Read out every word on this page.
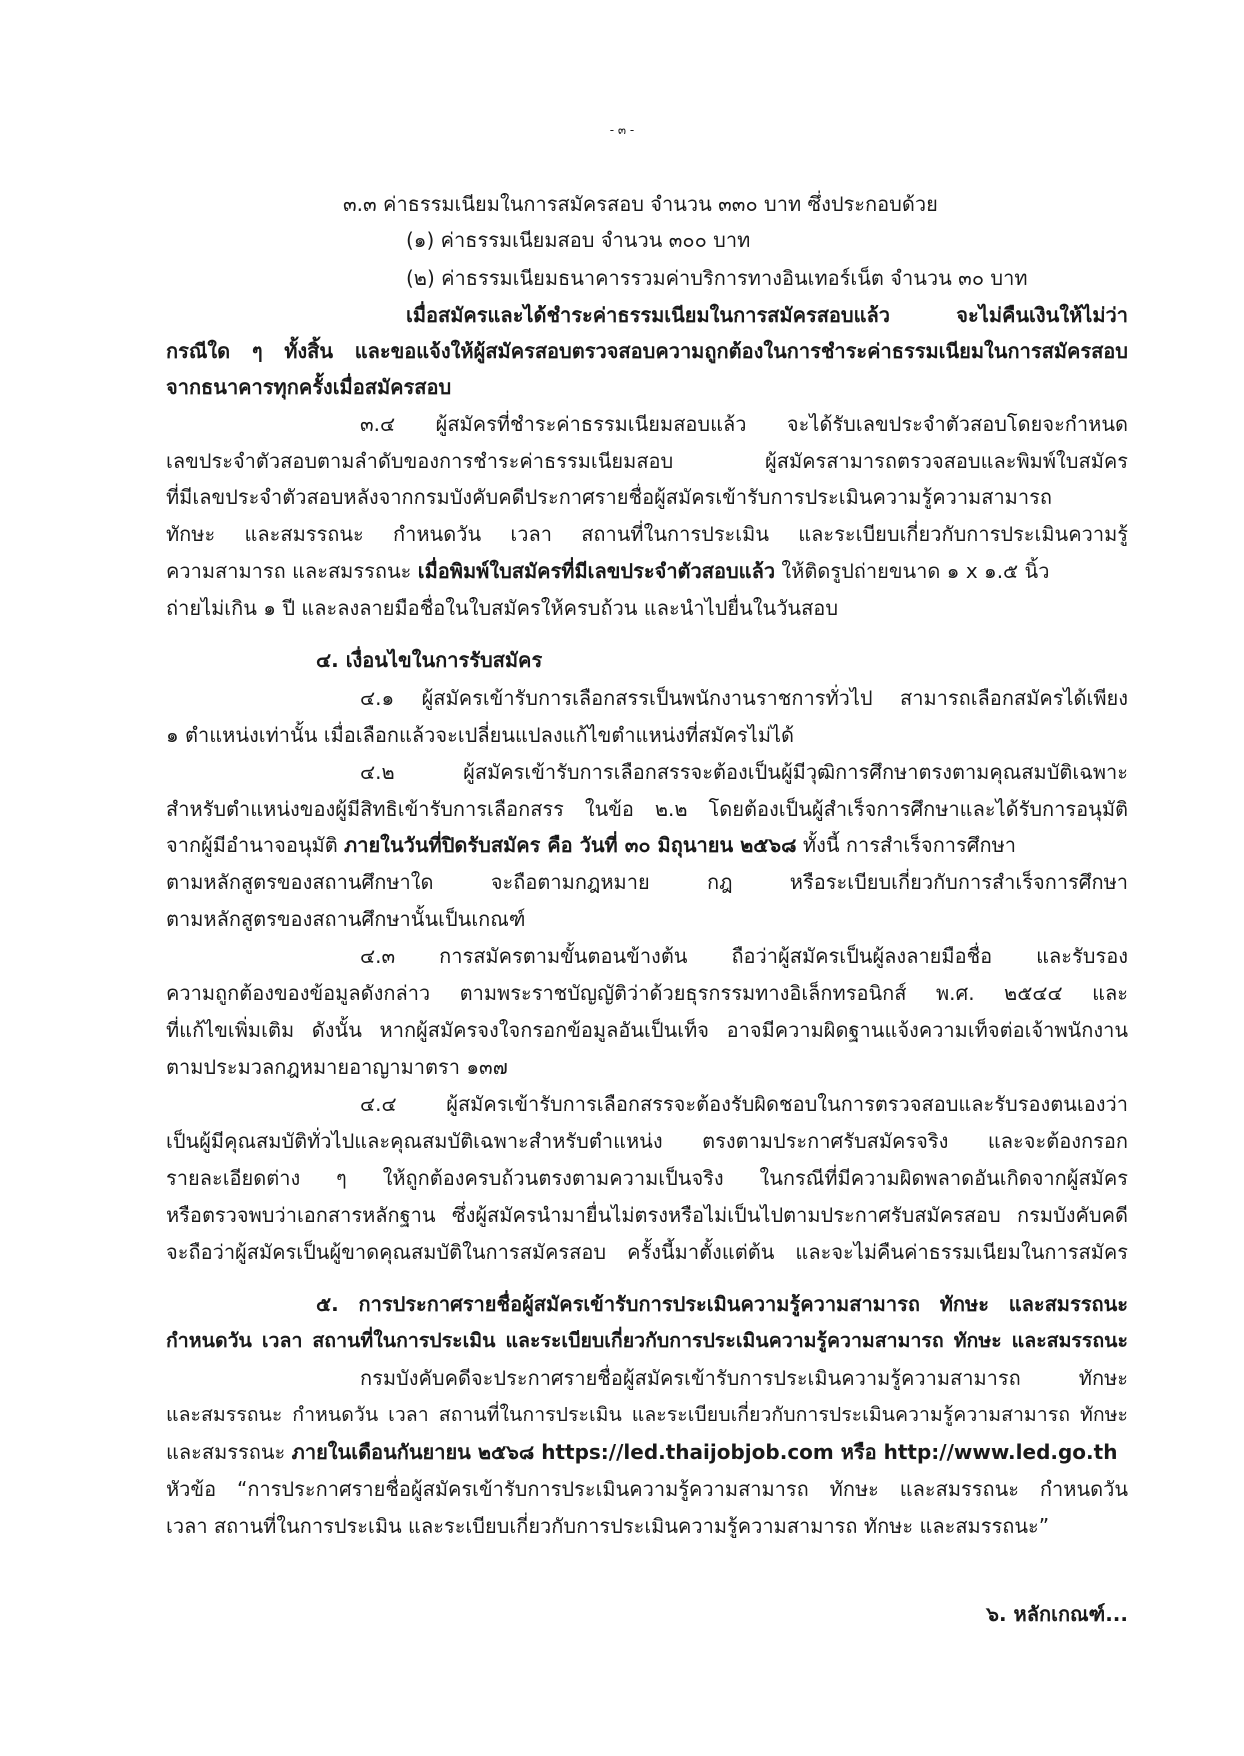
- ๓ -
๓.๓ ค่าธรรมเนียมในการสมัครสอบ จำนวน ๓๓๐ บาท ซึ่งประกอบด้วย
(๑) ค่าธรรมเนียมสอบ จำนวน ๓๐๐ บาท
(๒) ค่าธรรมเนียมธนาคารรวมค่าบริการทางอินเทอร์เน็ต จำนวน ๓๐ บาท
เมื่อสมัครและได้ชำระค่าธรรมเนียมในการสมัครสอบแล้ว จะไม่คืนเงินให้ไม่ว่า
กรณีใด ๆ ทั้งสิ้น และขอแจ้งให้ผู้สมัครสอบตรวจสอบความถูกต้องในการชำระค่าธรรมเนียมในการสมัครสอบ
จากธนาคารทุกครั้งเมื่อสมัครสอบ
๓.๔ ผู้สมัครที่ชำระค่าธรรมเนียมสอบแล้ว จะได้รับเลขประจำตัวสอบโดยจะกำหนด
เลขประจำตัวสอบตามลำดับของการชำระค่าธรรมเนียมสอบ ผู้สมัครสามารถตรวจสอบและพิมพ์ใบสมัคร
ที่มีเลขประจำตัวสอบหลังจากกรมบังคับคดีประกาศรายชื่อผู้สมัครเข้ารับการประเมินความรู้ความสามารถ
ทักษะ และสมรรถนะ กำหนดวัน เวลา สถานที่ในการประเมิน และระเบียบเกี่ยวกับการประเมินความรู้
ความสามารถ และสมรรถนะ เมื่อพิมพ์ใบสมัครที่มีเลขประจำตัวสอบแล้ว ให้ติดรูปถ่ายขนาด ๑ x ๑.๕ นิ้ว
ถ่ายไม่เกิน ๑ ปี และลงลายมือชื่อในใบสมัครให้ครบถ้วน และนำไปยื่นในวันสอบ
๔. เงื่อนไขในการรับสมัคร
๔.๑ ผู้สมัครเข้ารับการเลือกสรรเป็นพนักงานราชการทั่วไป สามารถเลือกสมัครได้เพียง
๑ ตำแหน่งเท่านั้น เมื่อเลือกแล้วจะเปลี่ยนแปลงแก้ไขตำแหน่งที่สมัครไม่ได้
๔.๒ ผู้สมัครเข้ารับการเลือกสรรจะต้องเป็นผู้มีวุฒิการศึกษาตรงตามคุณสมบัติเฉพาะ
สำหรับตำแหน่งของผู้มีสิทธิเข้ารับการเลือกสรร ในข้อ ๒.๒ โดยต้องเป็นผู้สำเร็จการศึกษาและได้รับการอนุมัติ
จากผู้มีอำนาจอนุมัติ ภายในวันที่ปิดรับสมัคร คือ วันที่ ๓๐ มิถุนายน ๒๕๖๘ ทั้งนี้ การสำเร็จการศึกษา
ตามหลักสูตรของสถานศึกษาใด จะถือตามกฎหมาย กฎ หรือระเบียบเกี่ยวกับการสำเร็จการศึกษา
ตามหลักสูตรของสถานศึกษานั้นเป็นเกณฑ์
๔.๓ การสมัครตามขั้นตอนข้างต้น ถือว่าผู้สมัครเป็นผู้ลงลายมือชื่อ และรับรอง
ความถูกต้องของข้อมูลดังกล่าว ตามพระราชบัญญัติว่าด้วยธุรกรรมทางอิเล็กทรอนิกส์ พ.ศ. ๒๕๔๔ และ
ที่แก้ไขเพิ่มเติม ดังนั้น หากผู้สมัครจงใจกรอกข้อมูลอันเป็นเท็จ อาจมีความผิดฐานแจ้งความเท็จต่อเจ้าพนักงาน
ตามประมวลกฎหมายอาญามาตรา ๑๓๗
๔.๔ ผู้สมัครเข้ารับการเลือกสรรจะต้องรับผิดชอบในการตรวจสอบและรับรองตนเองว่า
เป็นผู้มีคุณสมบัติทั่วไปและคุณสมบัติเฉพาะสำหรับตำแหน่ง ตรงตามประกาศรับสมัครจริง และจะต้องกรอก
รายละเอียดต่าง ๆ ให้ถูกต้องครบถ้วนตรงตามความเป็นจริง ในกรณีที่มีความผิดพลาดอันเกิดจากผู้สมัคร
หรือตรวจพบว่าเอกสารหลักฐาน ซึ่งผู้สมัครนำมายื่นไม่ตรงหรือไม่เป็นไปตามประกาศรับสมัครสอบ กรมบังคับคดี
จะถือว่าผู้สมัครเป็นผู้ขาดคุณสมบัติในการสมัครสอบ ครั้งนี้มาตั้งแต่ต้น และจะไม่คืนค่าธรรมเนียมในการสมัคร
๕. การประกาศรายชื่อผู้สมัครเข้ารับการประเมินความรู้ความสามารถ ทักษะ และสมรรถนะ
กำหนดวัน เวลา สถานที่ในการประเมิน และระเบียบเกี่ยวกับการประเมินความรู้ความสามารถ ทักษะ และสมรรถนะ
กรมบังคับคดีจะประกาศรายชื่อผู้สมัครเข้ารับการประเมินความรู้ความสามารถ ทักษะ
และสมรรถนะ กำหนดวัน เวลา สถานที่ในการประเมิน และระเบียบเกี่ยวกับการประเมินความรู้ความสามารถ ทักษะ
และสมรรถนะ ภายในเดือนกันยายน ๒๕๖๘ https://led.thaijobjob.com หรือ http://www.led.go.th
หัวข้อ “การประกาศรายชื่อผู้สมัครเข้ารับการประเมินความรู้ความสามารถ ทักษะ และสมรรถนะ กำหนดวัน
เวลา สถานที่ในการประเมิน และระเบียบเกี่ยวกับการประเมินความรู้ความสามารถ ทักษะ และสมรรถนะ”
๖. หลักเกณฑ์...
